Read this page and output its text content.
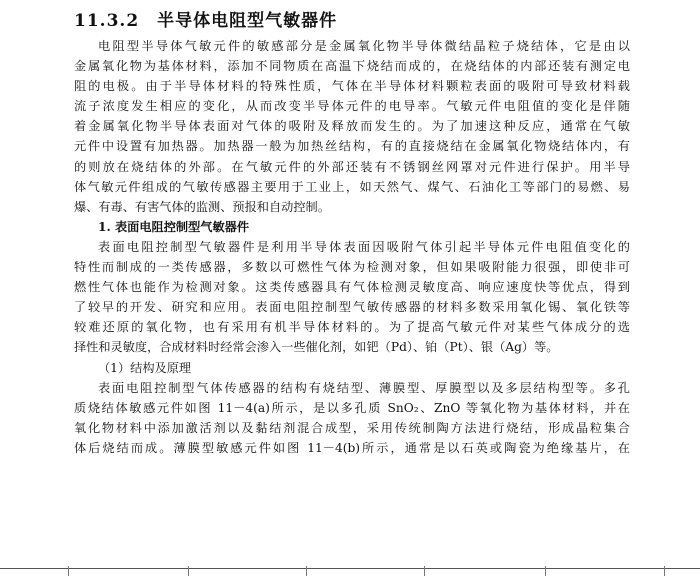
11.3.2 半导体电阻型气敏器件
电阻型半导体气敏元件的敏感部分是金属氧化物半导体微结晶粒子烧结体，它是由以
金属氧化物为基体材料，添加不同物质在高温下烧结而成的，在烧结体的内部还装有测定电
阻的电极。由于半导体材料的特殊性质，气体在半导体材料颗粒表面的吸附可导致材料载
流子浓度发生相应的变化，从而改变半导体元件的电导率。气敏元件电阻值的变化是伴随
着金属氧化物半导体表面对气体的吸附及释放而发生的。为了加速这种反应，通常在气敏
元件中设置有加热器。加热器一般为加热丝结构，有的直接烧结在金属氧化物烧结体内，有
的则放在烧结体的外部。在气敏元件的外部还装有不锈钢丝网罩对元件进行保护。用半导
体气敏元件组成的气敏传感器主要用于工业上，如天然气、煤气、石油化工等部门的易燃、易
爆、有毒、有害气体的监测、预报和自动控制。
1. 表面电阻控制型气敏器件
表面电阻控制型气敏器件是利用半导体表面因吸附气体引起半导体元件电阻值变化的
特性而制成的一类传感器，多数以可燃性气体为检测对象，但如果吸附能力很强，即使非可
燃性气体也能作为检测对象。这类传感器具有气体检测灵敏度高、响应速度快等优点，得到
了较早的开发、研究和应用。表面电阻控制型气敏传感器的材料多数采用氧化锡、氧化铁等
较难还原的氧化物，也有采用有机半导体材料的。为了提高气敏元件对某些气体成分的选
择性和灵敏度，合成材料时经常会渗入一些催化剂，如钯（Pd）、铂（Pt）、银（Ag）等。
（1）结构及原理
表面电阻控制型气体传感器的结构有烧结型、薄膜型、厚膜型以及多层结构型等。多孔
质烧结体敏感元件如图 11－4(a)所示，是以多孔质 SnO₂、ZnO 等氧化物为基体材料，并在
氧化物材料中添加激活剂以及黏结剂混合成型，采用传统制陶方法进行烧结，形成晶粒集合
体后烧结而成。薄膜型敏感元件如图 11－4(b)所示，通常是以石英或陶瓷为绝缘基片，在
